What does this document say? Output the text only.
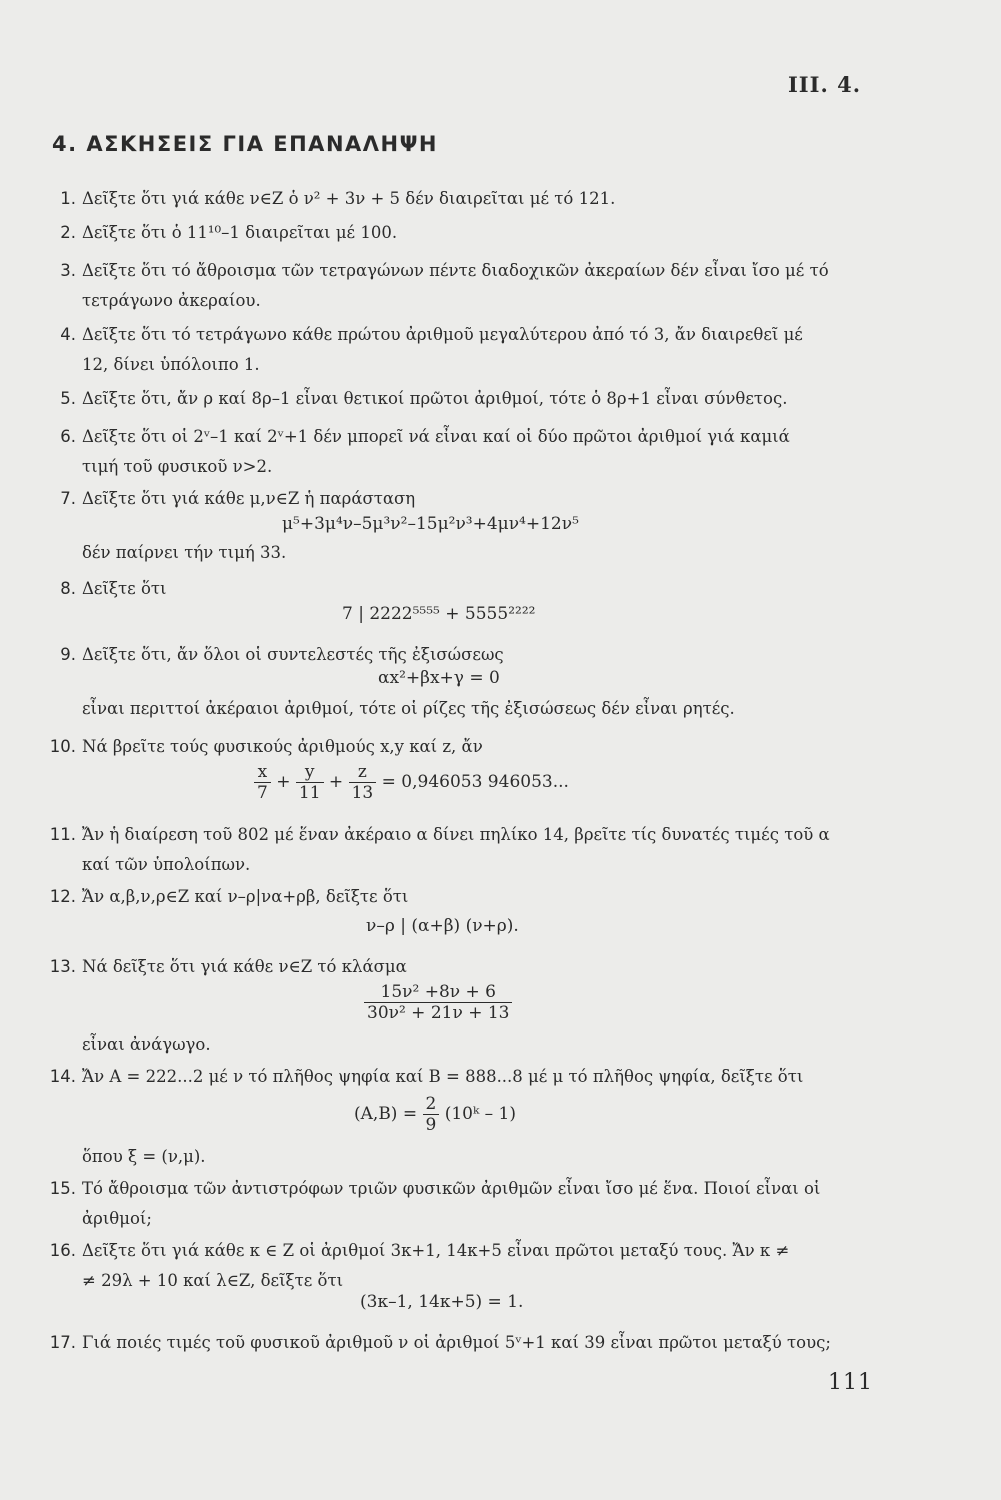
III. 4.
4. ΑΣΚΗΣΕΙΣ ΓΙΑ ΕΠΑΝΑΛΗΨΗ
1. Δεῖξτε ὅτι γιά κάθε ν∈Z ὁ ν² + 3ν + 5 δέν διαιρεῖται μέ τό 121.
2. Δεῖξτε ὅτι ὁ 11¹⁰–1 διαιρεῖται μέ 100.
3. Δεῖξτε ὅτι τό ἄθροισμα τῶν τετραγώνων πέντε διαδοχικῶν ἀκεραίων δέν εἶναι ἴσο μέ τό
τετράγωνο ἀκεραίου.
4. Δεῖξτε ὅτι τό τετράγωνο κάθε πρώτου ἀριθμοῦ μεγαλύτερου ἀπό τό 3, ἄν διαιρεθεῖ μέ
12, δίνει ὑπόλοιπο 1.
5. Δεῖξτε ὅτι, ἄν ρ καί 8ρ–1 εἶναι θετικοί πρῶτοι ἀριθμοί, τότε ὁ 8ρ+1 εἶναι σύνθετος.
6. Δεῖξτε ὅτι οἱ 2ᵛ–1 καί 2ᵛ+1 δέν μπορεῖ νά εἶναι καί οἱ δύο πρῶτοι ἀριθμοί γιά καμιά
τιμή τοῦ φυσικοῦ ν>2.
7. Δεῖξτε ὅτι γιά κάθε μ,ν∈Z ἡ παράσταση
μ⁵+3μ⁴ν–5μ³ν²–15μ²ν³+4μν⁴+12ν⁵
δέν παίρνει τήν τιμή 33.
8. Δεῖξτε ὅτι
7 | 2222⁵⁵⁵⁵ + 5555²²²²
9. Δεῖξτε ὅτι, ἄν ὅλοι οἱ συντελεστές τῆς ἐξισώσεως
αx²+βx+γ = 0
εἶναι περιττοί ἀκέραιοι ἀριθμοί, τότε οἱ ρίζες τῆς ἐξισώσεως δέν εἶναι ρητές.
10. Νά βρεῖτε τούς φυσικούς ἀριθμούς x,y καί z, ἄν
$\frac{x}{7} + \frac{y}{11} + \frac{z}{13} = 0,946053$ 946053...
11. Ἄν ἡ διαίρεση τοῦ 802 μέ ἕναν ἀκέραιο α δίνει πηλίκο 14, βρεῖτε τίς δυνατές τιμές τοῦ α
καί τῶν ὑπολοίπων.
12. Ἄν α,β,ν,ρ∈Z καί ν–ρ|να+ρβ, δεῖξτε ὅτι
ν–ρ | (α+β) (ν+ρ).
13. Νά δεῖξτε ὅτι γιά κάθε ν∈Z τό κλάσμα
$\frac{\text{15ν² +8ν + 6}}{\text{30ν² + 21ν + 13}}$
εἶναι ἀνάγωγο.
14. Ἄν A = 222...2 μέ ν τό πλῆθος ψηφία καί B = 888...8 μέ μ τό πλῆθος ψηφία, δεῖξτε ὅτι
$(A,B) = \frac{2}{9}$ (10ᵏ – 1)
ὅπου ξ = (ν,μ).
15. Τό ἄθροισμα τῶν ἀντιστρόφων τριῶν φυσικῶν ἀριθμῶν εἶναι ἴσο μέ ἕνα. Ποιοί εἶναι οἱ
ἀριθμοί;
16. Δεῖξτε ὅτι γιά κάθε κ ∈ Z οἱ ἀριθμοί 3κ+1, 14κ+5 εἶναι πρῶτοι μεταξύ τους. Ἄν κ ≠
≠ 29λ + 10 καί λ∈Z, δεῖξτε ὅτι
(3κ–1, 14κ+5) = 1.
17. Γιά ποιές τιμές τοῦ φυσικοῦ ἀριθμοῦ ν οἱ ἀριθμοί 5ᵛ+1 καί 39 εἶναι πρῶτοι μεταξύ τους;
111
